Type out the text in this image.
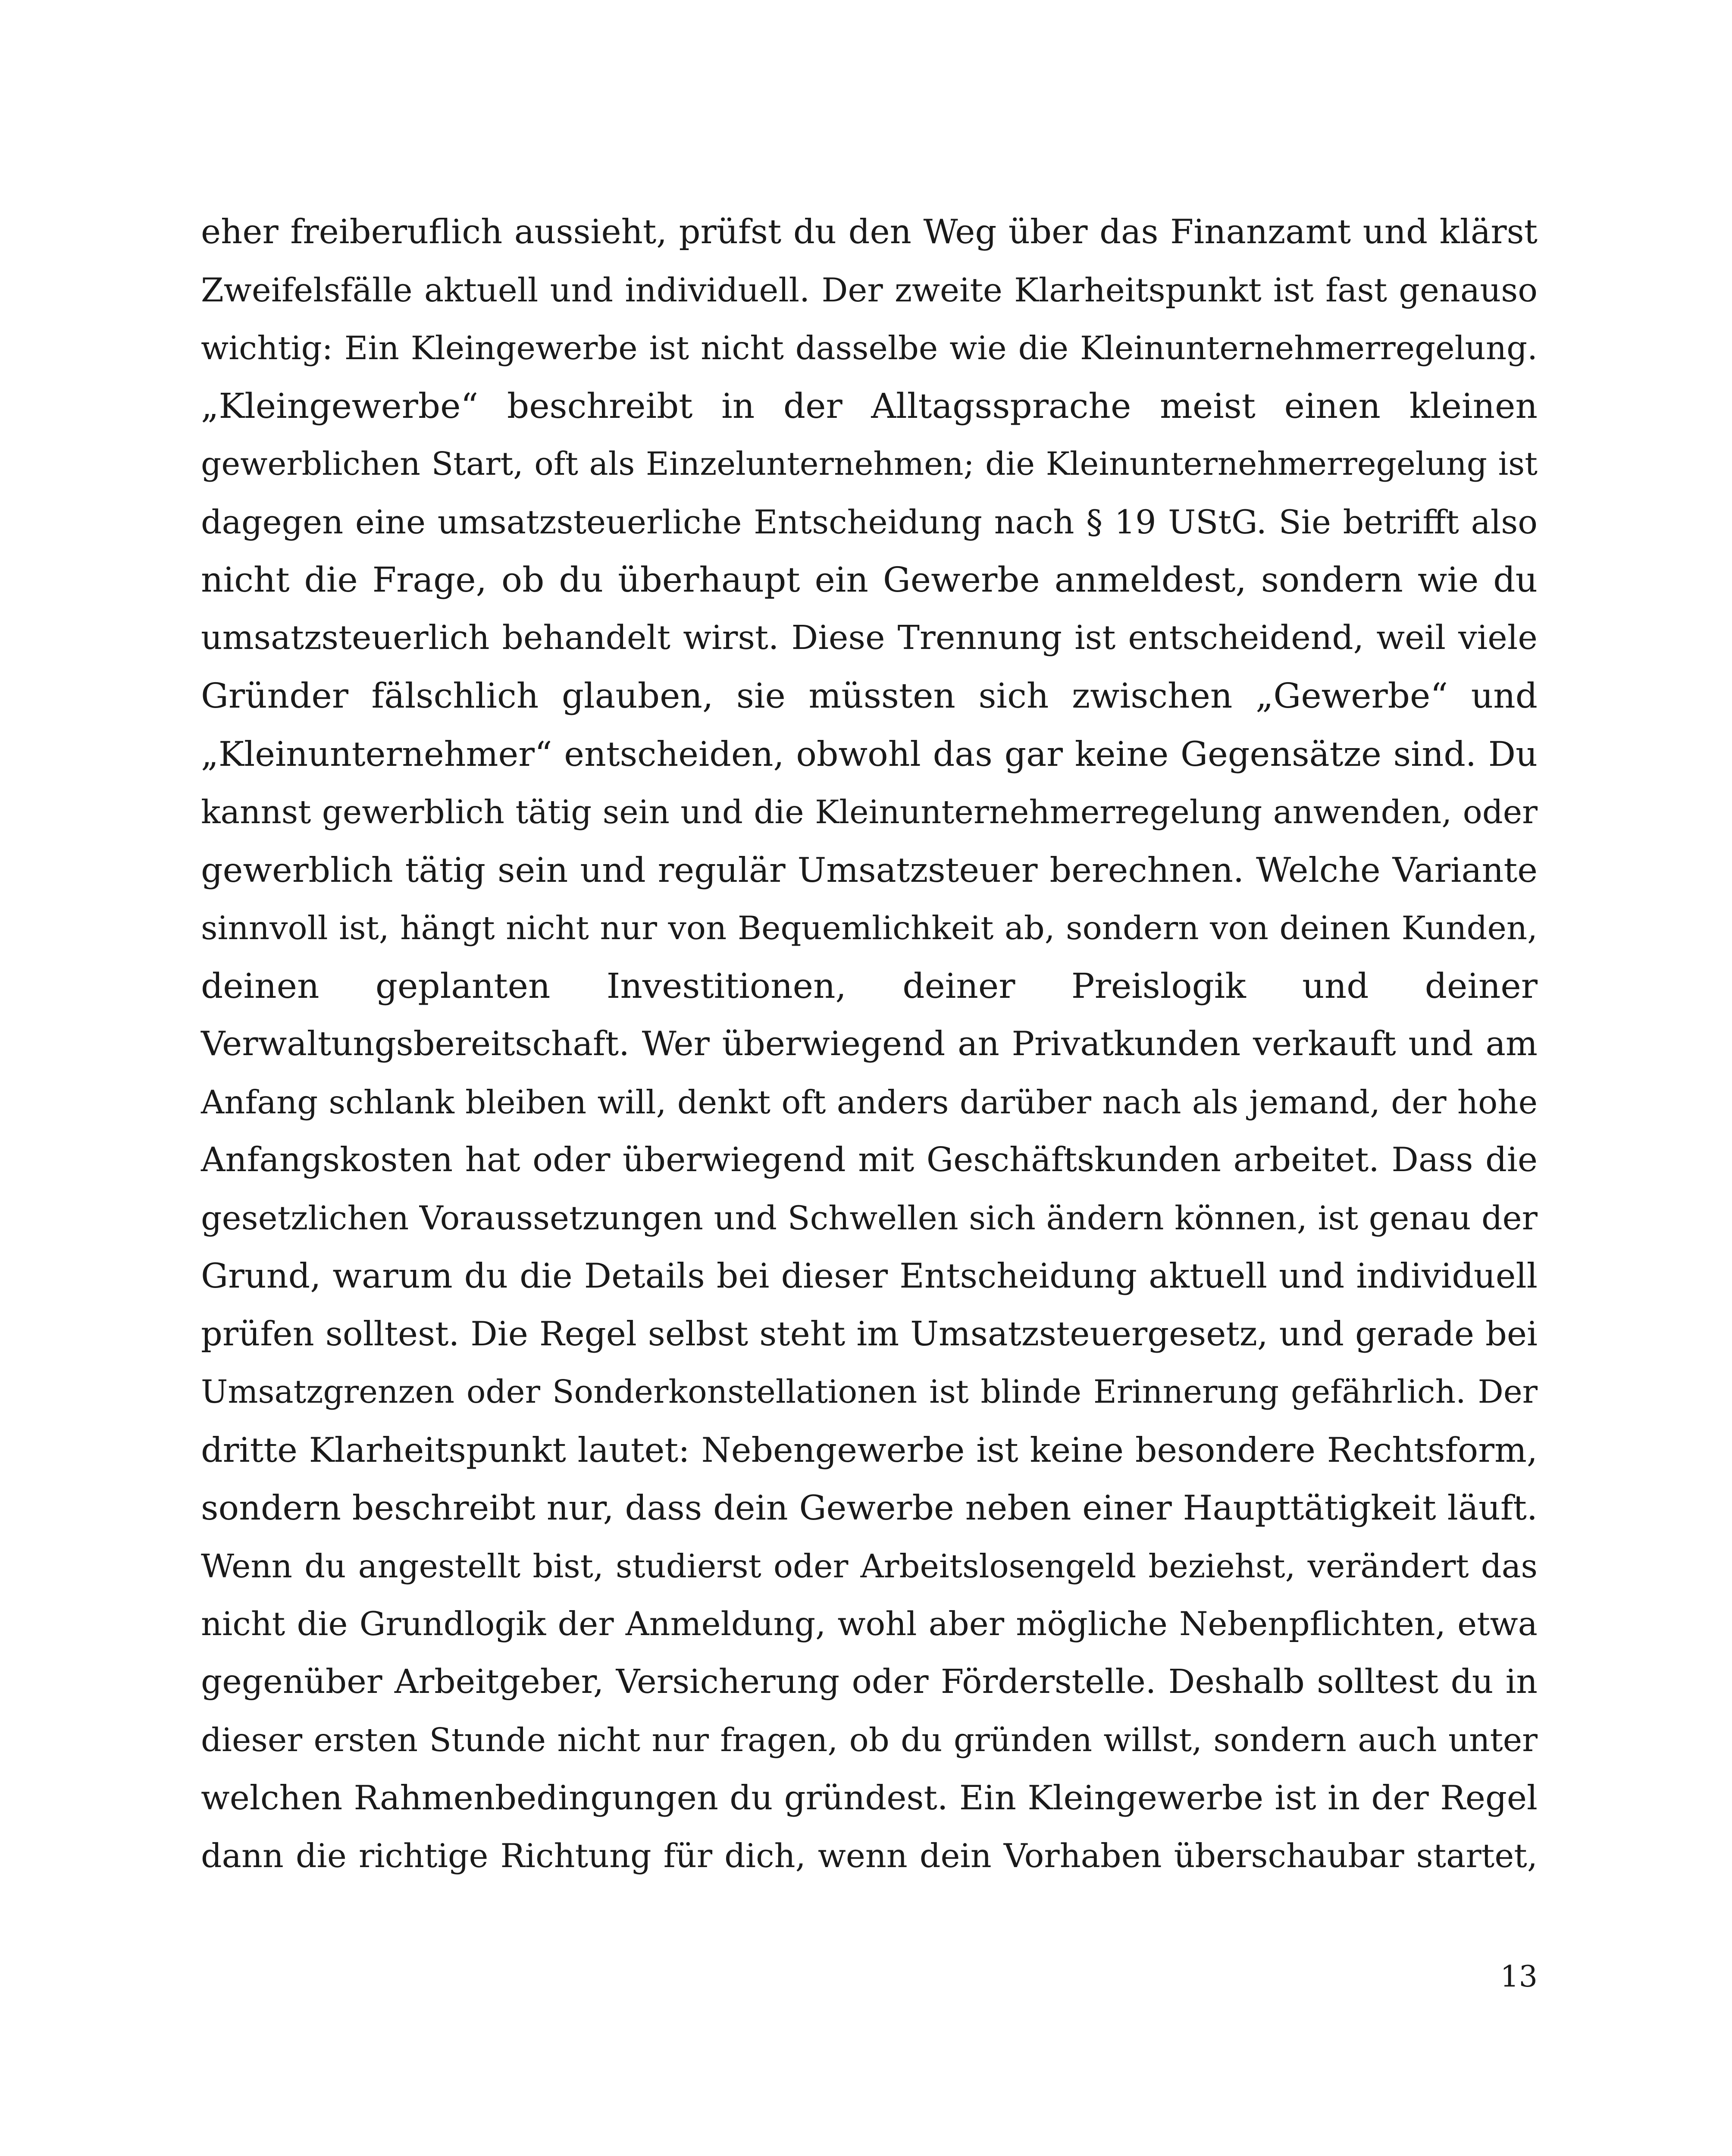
eher freiberuflich aussieht, prüfst du den Weg über das Finanzamt und klärst
Zweifelsfälle aktuell und individuell. Der zweite Klarheitspunkt ist fast genauso
wichtig: Ein Kleingewerbe ist nicht dasselbe wie die Kleinunternehmerregelung.
„Kleingewerbe“ beschreibt in der Alltagssprache meist einen kleinen
gewerblichen Start, oft als Einzelunternehmen; die Kleinunternehmerregelung ist
dagegen eine umsatzsteuerliche Entscheidung nach § 19 UStG. Sie betrifft also
nicht die Frage, ob du überhaupt ein Gewerbe anmeldest, sondern wie du
umsatzsteuerlich behandelt wirst. Diese Trennung ist entscheidend, weil viele
Gründer fälschlich glauben, sie müssten sich zwischen „Gewerbe“ und
„Kleinunternehmer“ entscheiden, obwohl das gar keine Gegensätze sind. Du
kannst gewerblich tätig sein und die Kleinunternehmerregelung anwenden, oder
gewerblich tätig sein und regulär Umsatzsteuer berechnen. Welche Variante
sinnvoll ist, hängt nicht nur von Bequemlichkeit ab, sondern von deinen Kunden,
deinen geplanten Investitionen, deiner Preislogik und deiner
Verwaltungsbereitschaft. Wer überwiegend an Privatkunden verkauft und am
Anfang schlank bleiben will, denkt oft anders darüber nach als jemand, der hohe
Anfangskosten hat oder überwiegend mit Geschäftskunden arbeitet. Dass die
gesetzlichen Voraussetzungen und Schwellen sich ändern können, ist genau der
Grund, warum du die Details bei dieser Entscheidung aktuell und individuell
prüfen solltest. Die Regel selbst steht im Umsatzsteuergesetz, und gerade bei
Umsatzgrenzen oder Sonderkonstellationen ist blinde Erinnerung gefährlich. Der
dritte Klarheitspunkt lautet: Nebengewerbe ist keine besondere Rechtsform,
sondern beschreibt nur, dass dein Gewerbe neben einer Haupttätigkeit läuft.
Wenn du angestellt bist, studierst oder Arbeitslosengeld beziehst, verändert das
nicht die Grundlogik der Anmeldung, wohl aber mögliche Nebenpflichten, etwa
gegenüber Arbeitgeber, Versicherung oder Förderstelle. Deshalb solltest du in
dieser ersten Stunde nicht nur fragen, ob du gründen willst, sondern auch unter
welchen Rahmenbedingungen du gründest. Ein Kleingewerbe ist in der Regel
dann die richtige Richtung für dich, wenn dein Vorhaben überschaubar startet,
13
